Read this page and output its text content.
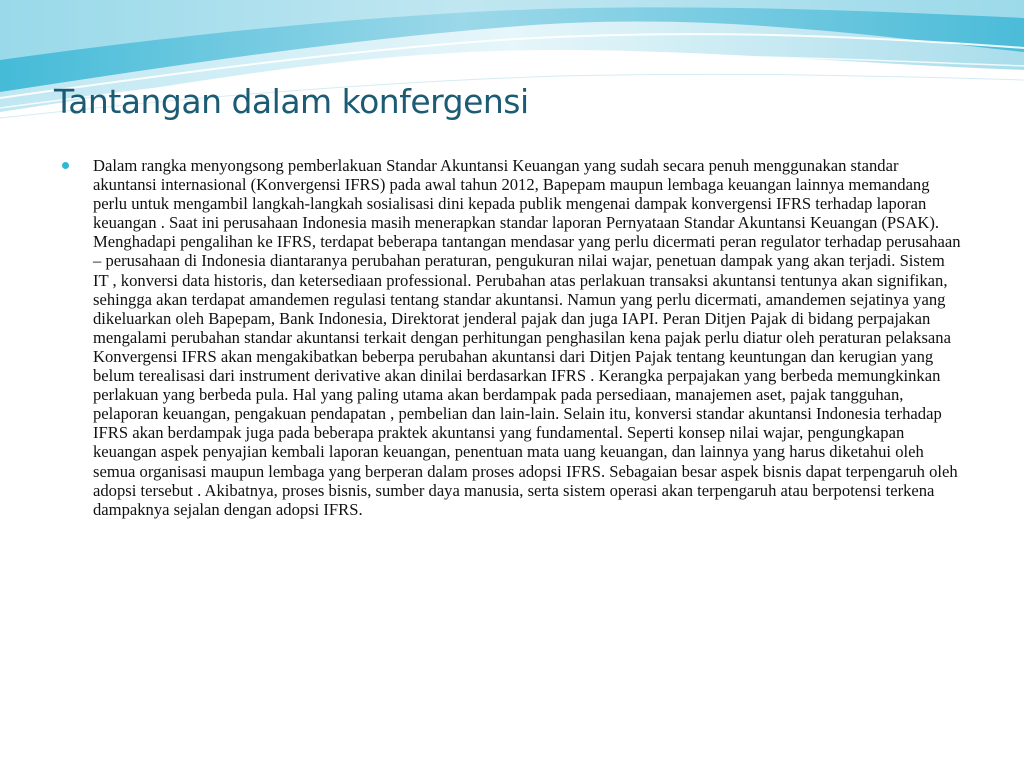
Tantangan dalam konfergensi

Dalam rangka menyongsong pemberlakuan Standar Akuntansi Keuangan yang sudah secara penuh menggunakan standar akuntansi internasional (Konvergensi IFRS) pada awal tahun 2012, Bapepam maupun lembaga keuangan lainnya memandang perlu untuk mengambil langkah-langkah sosialisasi dini kepada publik mengenai dampak konvergensi IFRS terhadap laporan keuangan . Saat ini perusahaan Indonesia masih menerapkan standar laporan Pernyataan Standar Akuntansi Keuangan (PSAK). Menghadapi pengalihan ke IFRS, terdapat beberapa tantangan mendasar yang perlu dicermati peran regulator terhadap perusahaan – perusahaan di Indonesia diantaranya perubahan peraturan, pengukuran nilai wajar, penetuan dampak yang akan terjadi. Sistem IT , konversi data historis, dan ketersediaan professional. Perubahan atas perlakuan transaksi akuntansi tentunya akan signifikan, sehingga akan terdapat amandemen regulasi tentang standar akuntansi. Namun yang perlu dicermati, amandemen sejatinya yang dikeluarkan oleh Bapepam, Bank Indonesia, Direktorat jenderal pajak dan juga IAPI. Peran Ditjen Pajak di bidang perpajakan mengalami perubahan standar akuntansi terkait dengan perhitungan penghasilan kena pajak perlu diatur oleh peraturan pelaksana Konvergensi IFRS akan mengakibatkan beberpa perubahan akuntansi dari Ditjen Pajak tentang keuntungan dan kerugian yang belum terealisasi dari instrument derivative akan dinilai berdasarkan IFRS . Kerangka perpajakan yang berbeda memungkinkan perlakuan yang berbeda pula. Hal yang paling utama akan berdampak pada persediaan, manajemen aset, pajak tangguhan, pelaporan keuangan, pengakuan pendapatan , pembelian dan lain-lain. Selain itu, konversi standar akuntansi Indonesia terhadap IFRS akan berdampak juga pada beberapa praktek akuntansi yang fundamental. Seperti konsep nilai wajar, pengungkapan keuangan aspek penyajian kembali laporan keuangan, penentuan mata uang keuangan, dan lainnya yang harus diketahui oleh semua organisasi maupun lembaga yang berperan dalam proses adopsi IFRS. Sebagaian besar aspek bisnis dapat terpengaruh oleh adopsi tersebut . Akibatnya, proses bisnis, sumber daya manusia, serta sistem operasi akan terpengaruh atau berpotensi terkena dampaknya sejalan dengan adopsi IFRS.
